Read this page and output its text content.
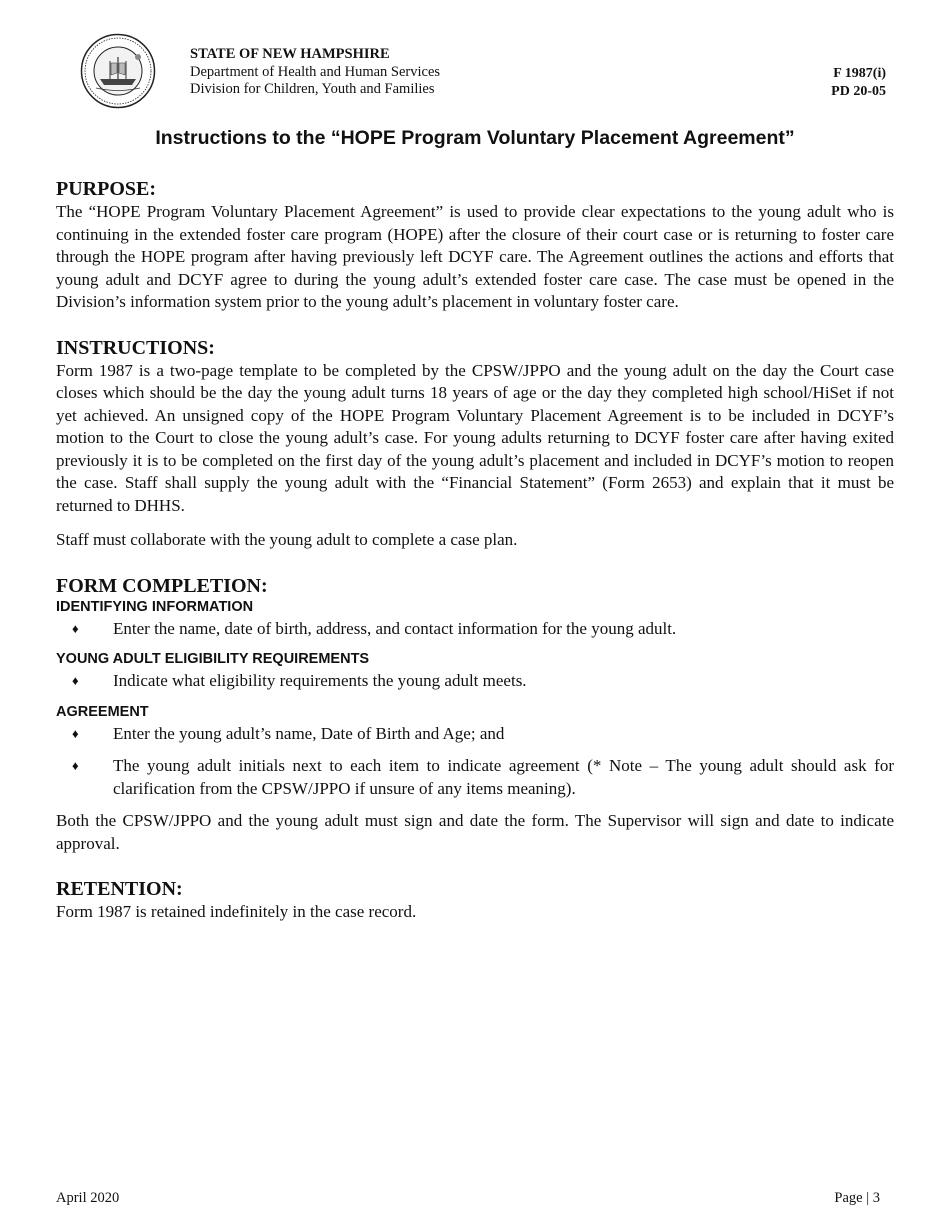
STATE OF NEW HAMPSHIRE
Department of Health and Human Services
Division for Children, Youth and Families
F 1987(i)
PD 20-05
Instructions to the “HOPE Program Voluntary Placement Agreement”
PURPOSE:

The “HOPE Program Voluntary Placement Agreement” is used to provide clear expectations to the young adult who is continuing in the extended foster care program (HOPE) after the closure of their court case or is returning to foster care through the HOPE program after having previously left DCYF care. The Agreement outlines the actions and efforts that young adult and DCYF agree to during the young adult’s extended foster care case. The case must be opened in the Division’s information system prior to the young adult’s placement in voluntary foster care.

INSTRUCTIONS:

Form 1987 is a two-page template to be completed by the CPSW/JPPO and the young adult on the day the Court case closes which should be the day the young adult turns 18 years of age or the day they completed high school/HiSet if not yet achieved. An unsigned copy of the HOPE Program Voluntary Placement Agreement is to be included in DCYF’s motion to the Court to close the young adult’s case. For young adults returning to DCYF foster care after having exited previously it is to be completed on the first day of the young adult’s placement and included in DCYF’s motion to reopen the case. Staff shall supply the young adult with the “Financial Statement” (Form 2653) and explain that it must be returned to DHHS.

Staff must collaborate with the young adult to complete a case plan.

FORM COMPLETION:
IDENTIFYING INFORMATION
♦ Enter the name, date of birth, address, and contact information for the young adult.
YOUNG ADULT ELIGIBILITY REQUIREMENTS
♦ Indicate what eligibility requirements the young adult meets.
AGREEMENT
♦ Enter the young adult’s name, Date of Birth and Age; and
♦ The young adult initials next to each item to indicate agreement (* Note – The young adult should ask for clarification from the CPSW/JPPO if unsure of any items meaning).

Both the CPSW/JPPO and the young adult must sign and date the form. The Supervisor will sign and date to indicate approval.

RETENTION:

Form 1987 is retained indefinitely in the case record.

April 2020	Page | 3
